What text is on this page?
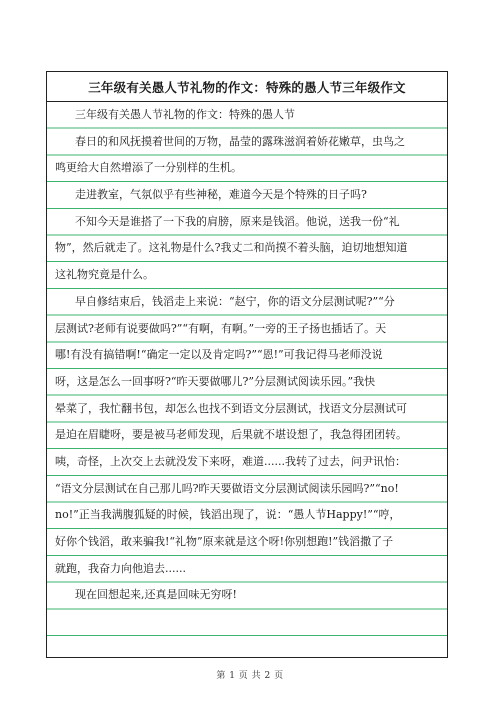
三年级有关愚人节礼物的作文：特殊的愚人节三年级作文
三年级有关愚人节礼物的作文：特殊的愚人节
春日的和风抚摸着世间的万物，晶莹的露珠滋润着娇花嫩草，虫鸟之
鸣更给大自然增添了一分别样的生机。
走进教室，气氛似乎有些神秘，难道今天是个特殊的日子吗?
不知今天是谁搭了一下我的肩膀，原来是钱滔。他说，送我一份“礼
物”，然后就走了。这礼物是什么?我丈二和尚摸不着头脑，迫切地想知道
这礼物究竟是什么。
早自修结束后，钱滔走上来说：“赵宁，你的语文分层测试呢?”“分
层测试?老师有说要做吗?”“有啊，有啊。”一旁的王子扬也插话了。天
哪!有没有搞错啊!“确定一定以及肯定吗?”“恩!”可我记得马老师没说
呀，这是怎么一回事呀?“昨天要做哪儿?”分层测试阅读乐园。”我快
晕菜了，我忙翻书包，却怎么也找不到语文分层测试，找语文分层测试可
是迫在眉睫呀，要是被马老师发现，后果就不堪设想了，我急得团团转。
咦，奇怪，上次交上去就没发下来呀，难道......我转了过去，问尹讯怡：
“语文分层测试在自己那儿吗?昨天要做语文分层测试阅读乐园吗?”“no!
no!”正当我满腹狐疑的时候，钱滔出现了，说：“愚人节Happy!”“哼，
好你个钱滔，敢来骗我!“礼物”原来就是这个呀!你别想跑!”钱滔撒了子
就跑，我奋力向他追去......
现在回想起来,还真是回味无穷呀!
第 1 页 共 2 页
